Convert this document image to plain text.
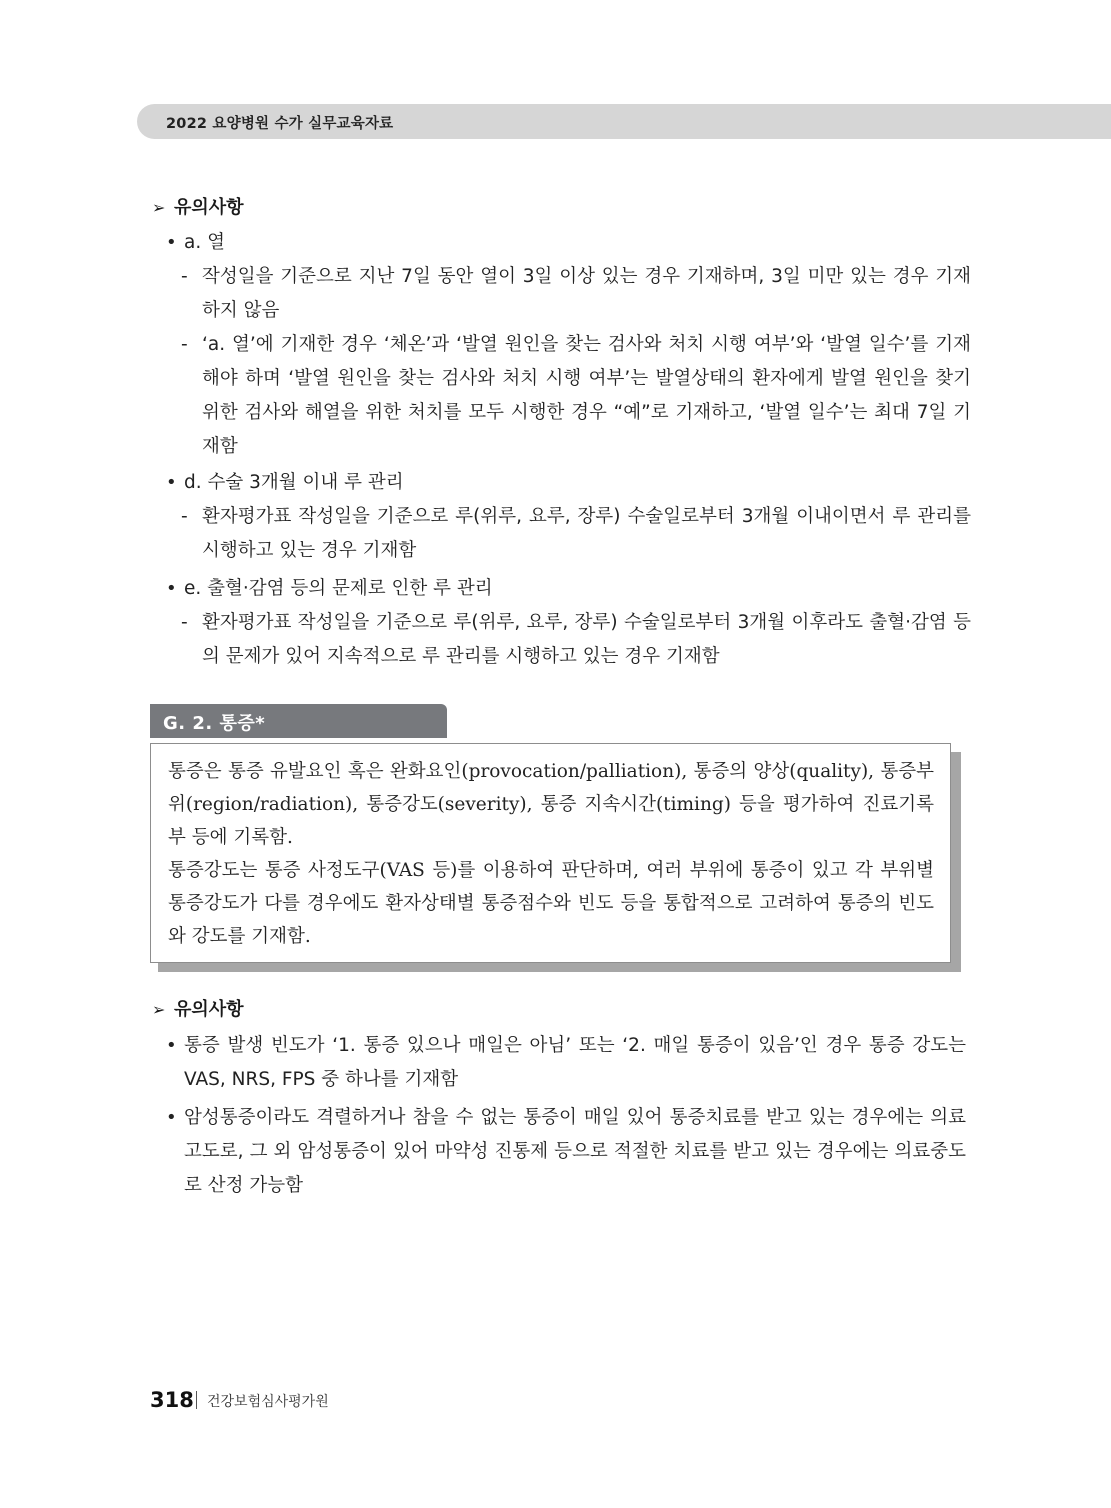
2022 요양병원 수가 실무교육자료
➢ 유의사항
• a. 열
- 작성일을 기준으로 지난 7일 동안 열이 3일 이상 있는 경우 기재하며, 3일 미만 있는 경우 기재하지 않음
- ‘a. 열’에 기재한 경우 ‘체온’과 ‘발열 원인을 찾는 검사와 처치 시행 여부’와 ‘발열 일수’를 기재해야 하며 ‘발열 원인을 찾는 검사와 처치 시행 여부’는 발열상태의 환자에게 발열 원인을 찾기 위한 검사와 해열을 위한 처치를 모두 시행한 경우 “예”로 기재하고, ‘발열 일수’는 최대 7일 기재함
• d. 수술 3개월 이내 루 관리
- 환자평가표 작성일을 기준으로 루(위루, 요루, 장루) 수술일로부터 3개월 이내이면서 루 관리를 시행하고 있는 경우 기재함
• e. 출혈·감염 등의 문제로 인한 루 관리
- 환자평가표 작성일을 기준으로 루(위루, 요루, 장루) 수술일로부터 3개월 이후라도 출혈·감염 등의 문제가 있어 지속적으로 루 관리를 시행하고 있는 경우 기재함
G. 2. 통증*

통증은 통증 유발요인 혹은 완화요인(provocation/palliation), 통증의 양상(quality), 통증부위(region/radiation), 통증강도(severity), 통증 지속시간(timing) 등을 평가하여 진료기록부 등에 기록함.

통증강도는 통증 사정도구(VAS 등)를 이용하여 판단하며, 여러 부위에 통증이 있고 각 부위별 통증강도가 다를 경우에도 환자상태별 통증점수와 빈도 등을 통합적으로 고려하여 통증의 빈도와 강도를 기재함.

➢ 유의사항
• 통증 발생 빈도가 ‘1. 통증 있으나 매일은 아님’ 또는 ‘2. 매일 통증이 있음’인 경우 통증 강도는 VAS, NRS, FPS 중 하나를 기재함
• 암성통증이라도 격렬하거나 참을 수 없는 통증이 매일 있어 통증치료를 받고 있는 경우에는 의료고도로, 그 외 암성통증이 있어 마약성 진통제 등으로 적절한 치료를 받고 있는 경우에는 의료중도로 산정 가능함
318 건강보험심사평가원
